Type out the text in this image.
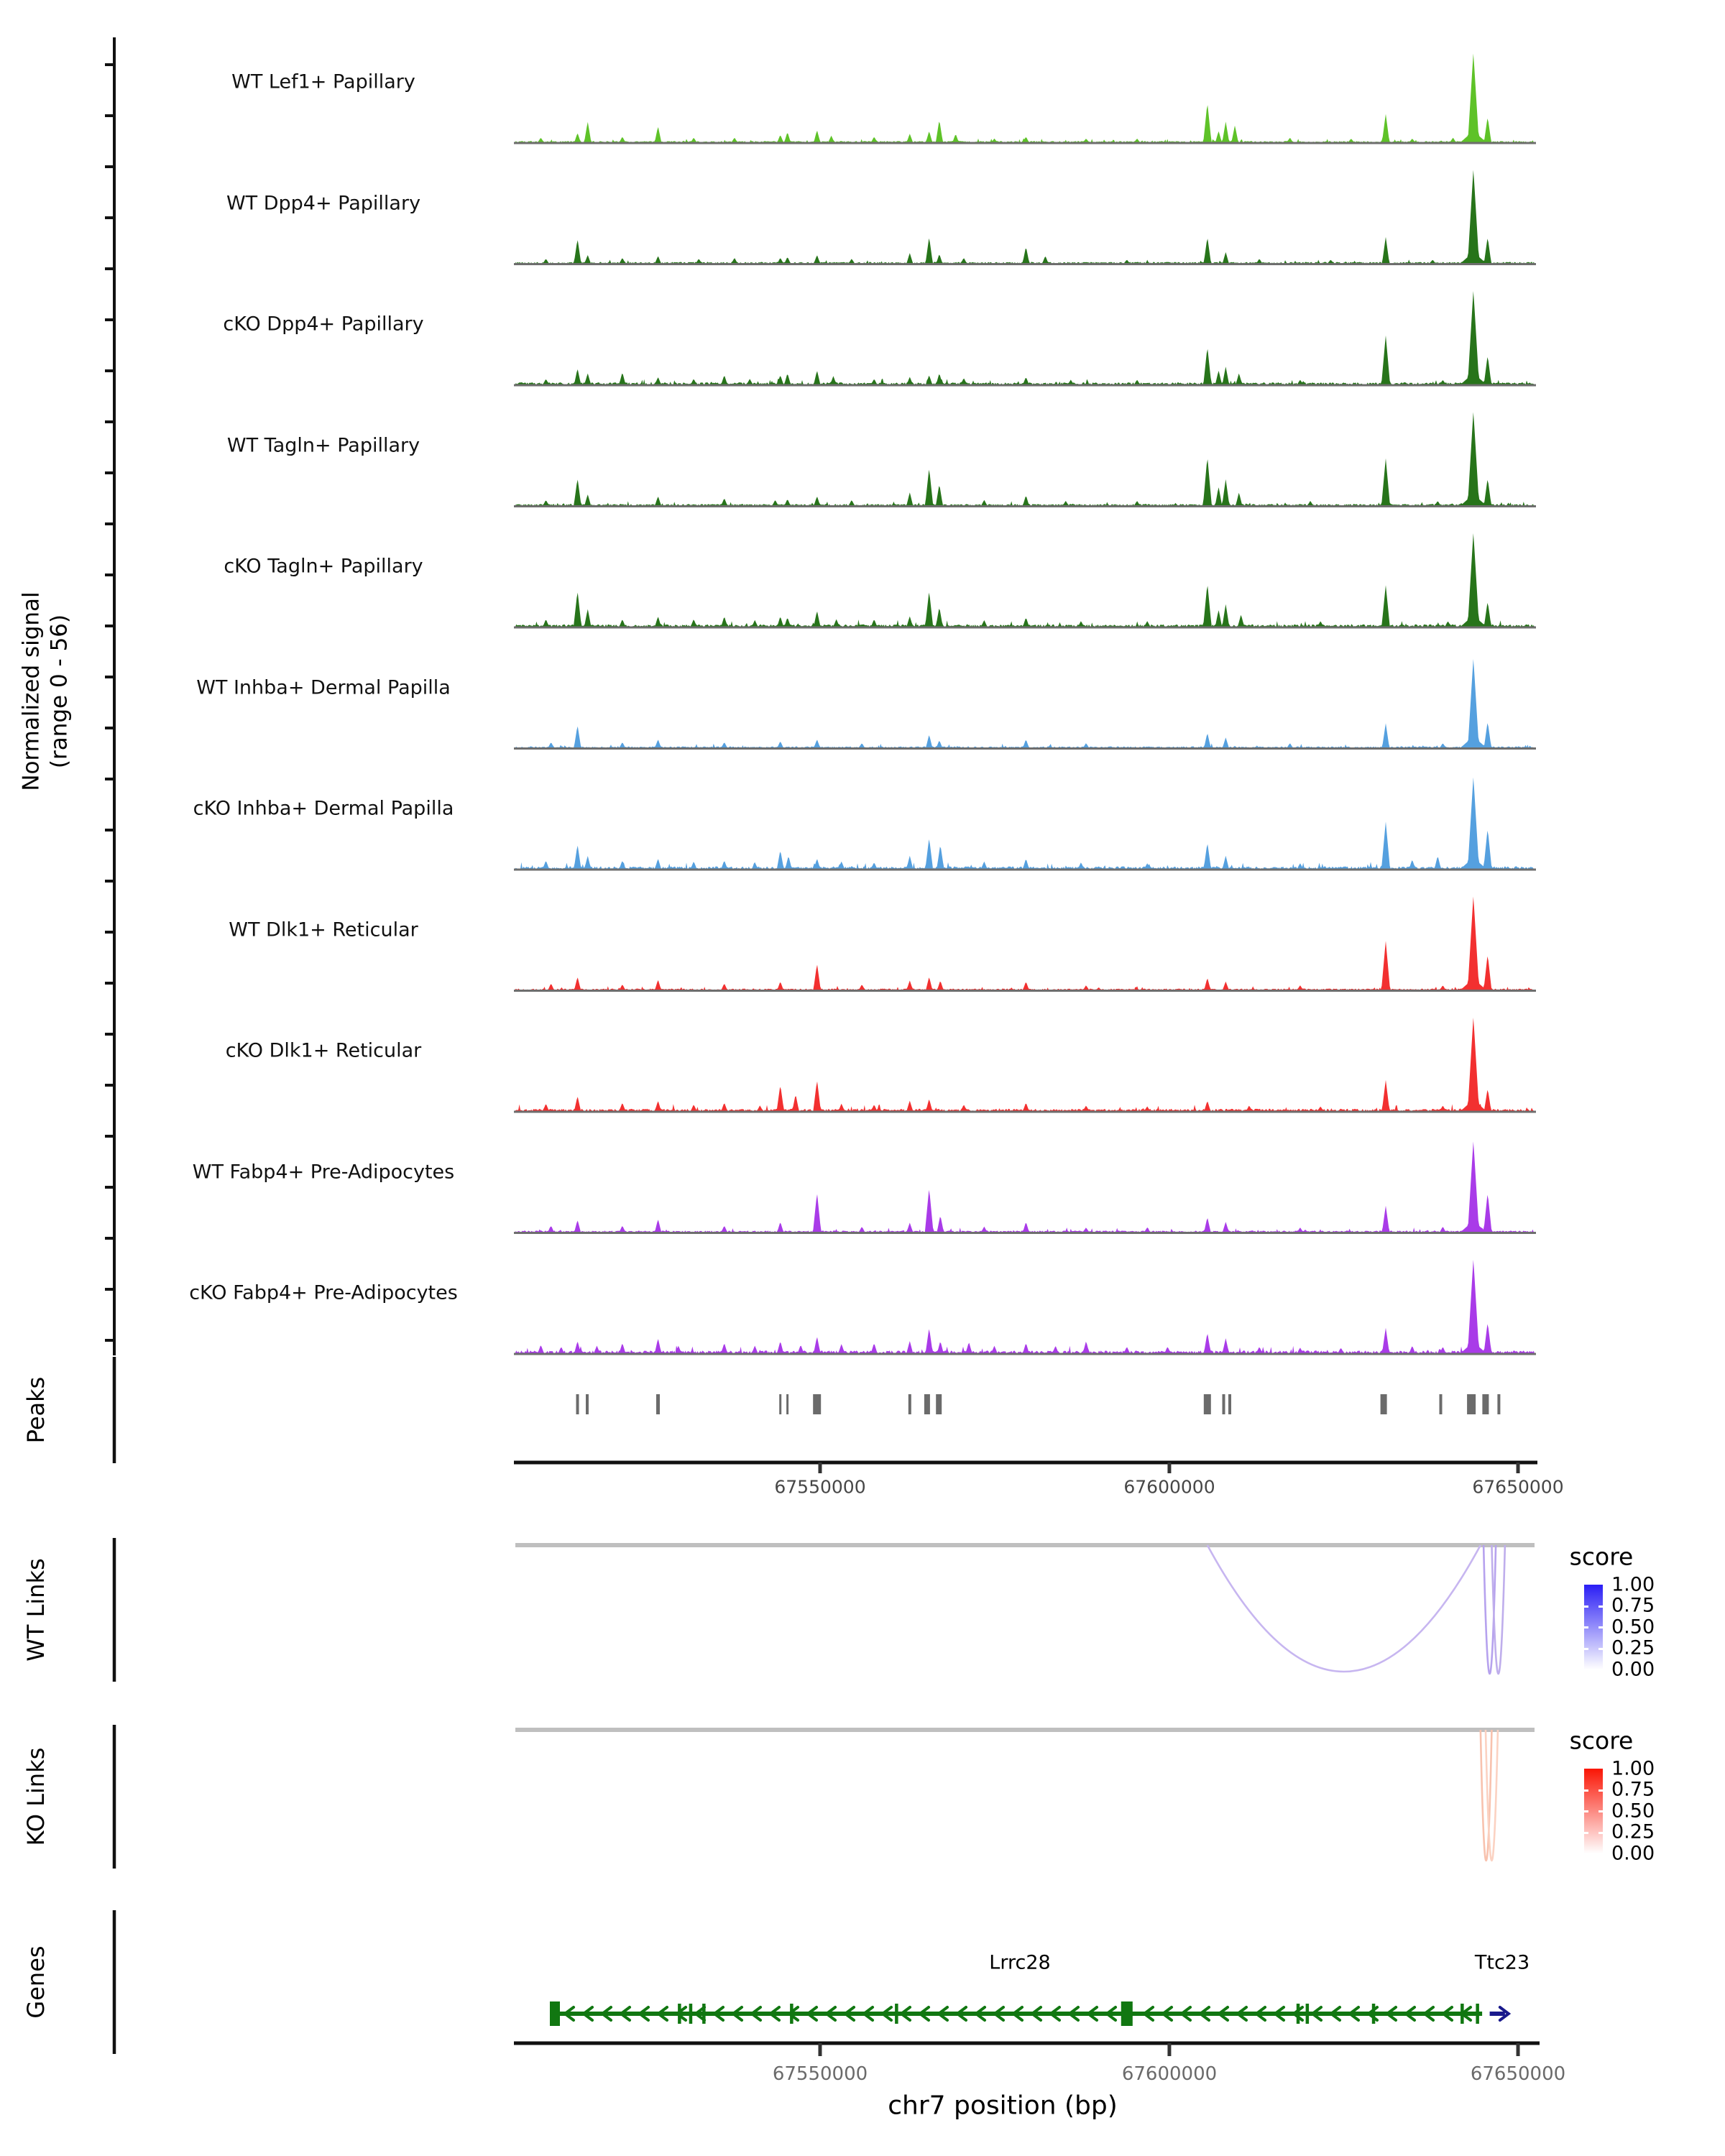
Normalized signal (range 0 - 56)
Peaks
WT Links
KO Links
Genes
67550000	67600000	67650000
67550000	67600000	67650000
chr7 position (bp)
score
1.00
0.75
0.50
0.25
0.00
score
1.00
0.75
0.50
0.25
0.00
Lrrc28	Ttc23
WT Lef1+ Papillary
WT Dpp4+ Papillary
cKO Dpp4+ Papillary
WT Tagln+ Papillary
cKO Tagln+ Papillary
WT Inhba+ Dermal Papilla
cKO Inhba+ Dermal Papilla
WT Dlk1+ Reticular
cKO Dlk1+ Reticular
WT Fabp4+ Pre-Adipocytes
cKO Fabp4+ Pre-Adipocytes
